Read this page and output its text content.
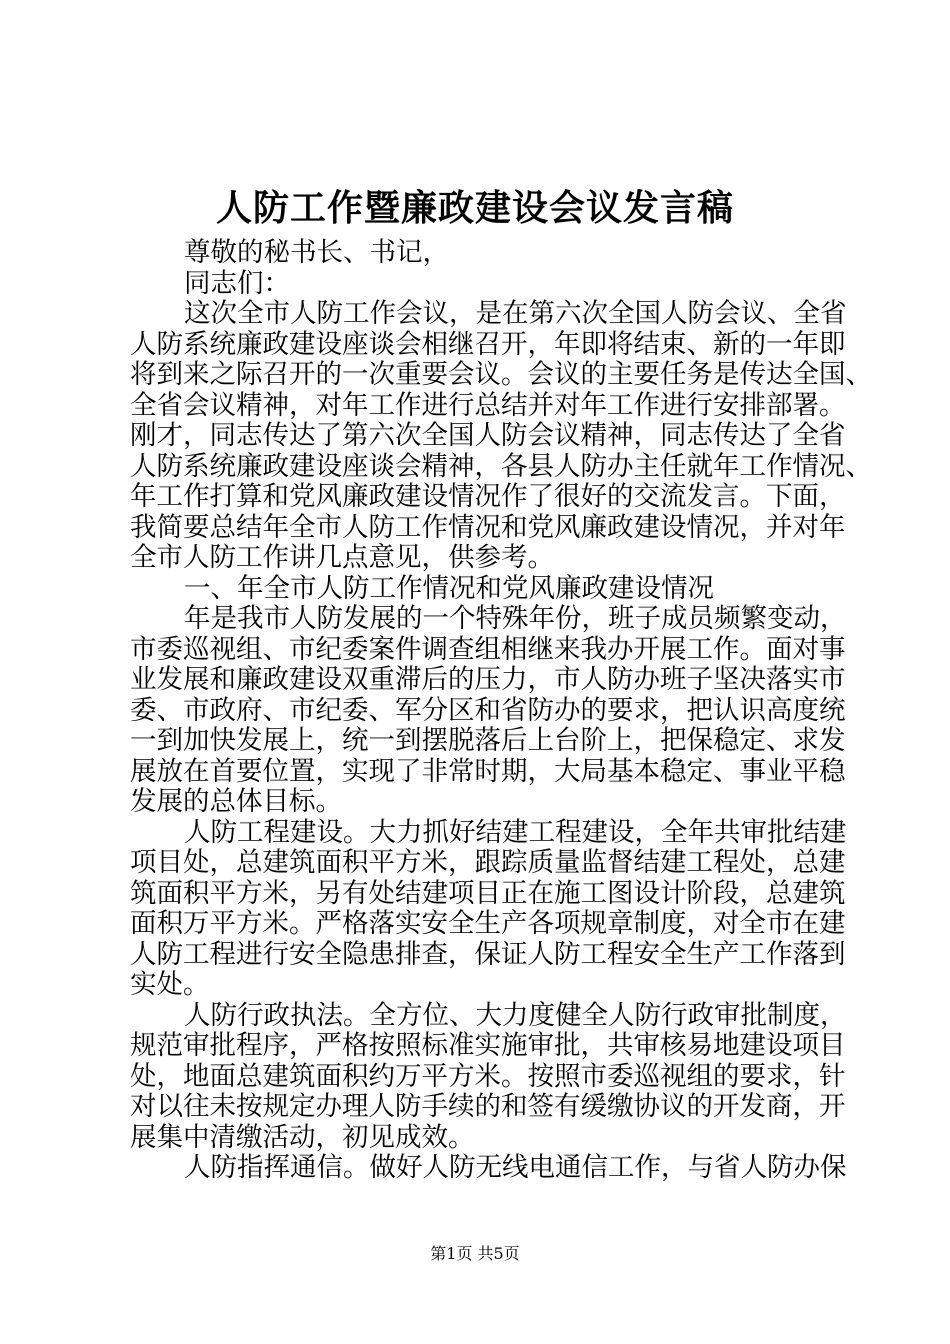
人防工作暨廉政建设会议发言稿
尊敬的秘书长、书记，
同志们：
这次全市人防工作会议，是在第六次全国人防会议、全省
人防系统廉政建设座谈会相继召开，年即将结束、新的一年即
将到来之际召开的一次重要会议。会议的主要任务是传达全国、
全省会议精神，对年工作进行总结并对年工作进行安排部署。
刚才，同志传达了第六次全国人防会议精神，同志传达了全省
人防系统廉政建设座谈会精神，各县人防办主任就年工作情况、
年工作打算和党风廉政建设情况作了很好的交流发言。下面，
我简要总结年全市人防工作情况和党风廉政建设情况，并对年
全市人防工作讲几点意见，供参考。
一、年全市人防工作情况和党风廉政建设情况
年是我市人防发展的一个特殊年份，班子成员频繁变动，
市委巡视组、市纪委案件调查组相继来我办开展工作。面对事
业发展和廉政建设双重滞后的压力，市人防办班子坚决落实市
委、市政府、市纪委、军分区和省防办的要求，把认识高度统
一到加快发展上，统一到摆脱落后上台阶上，把保稳定、求发
展放在首要位置，实现了非常时期，大局基本稳定、事业平稳
发展的总体目标。
人防工程建设。大力抓好结建工程建设，全年共审批结建
项目处，总建筑面积平方米，跟踪质量监督结建工程处，总建
筑面积平方米，另有处结建项目正在施工图设计阶段，总建筑
面积万平方米。严格落实安全生产各项规章制度，对全市在建
人防工程进行安全隐患排查，保证人防工程安全生产工作落到
实处。
人防行政执法。全方位、大力度健全人防行政审批制度，
规范审批程序，严格按照标准实施审批，共审核易地建设项目
处，地面总建筑面积约万平方米。按照市委巡视组的要求，针
对以往未按规定办理人防手续的和签有缓缴协议的开发商，开
展集中清缴活动，初见成效。
人防指挥通信。做好人防无线电通信工作，与省人防办保
第1页 共5页
